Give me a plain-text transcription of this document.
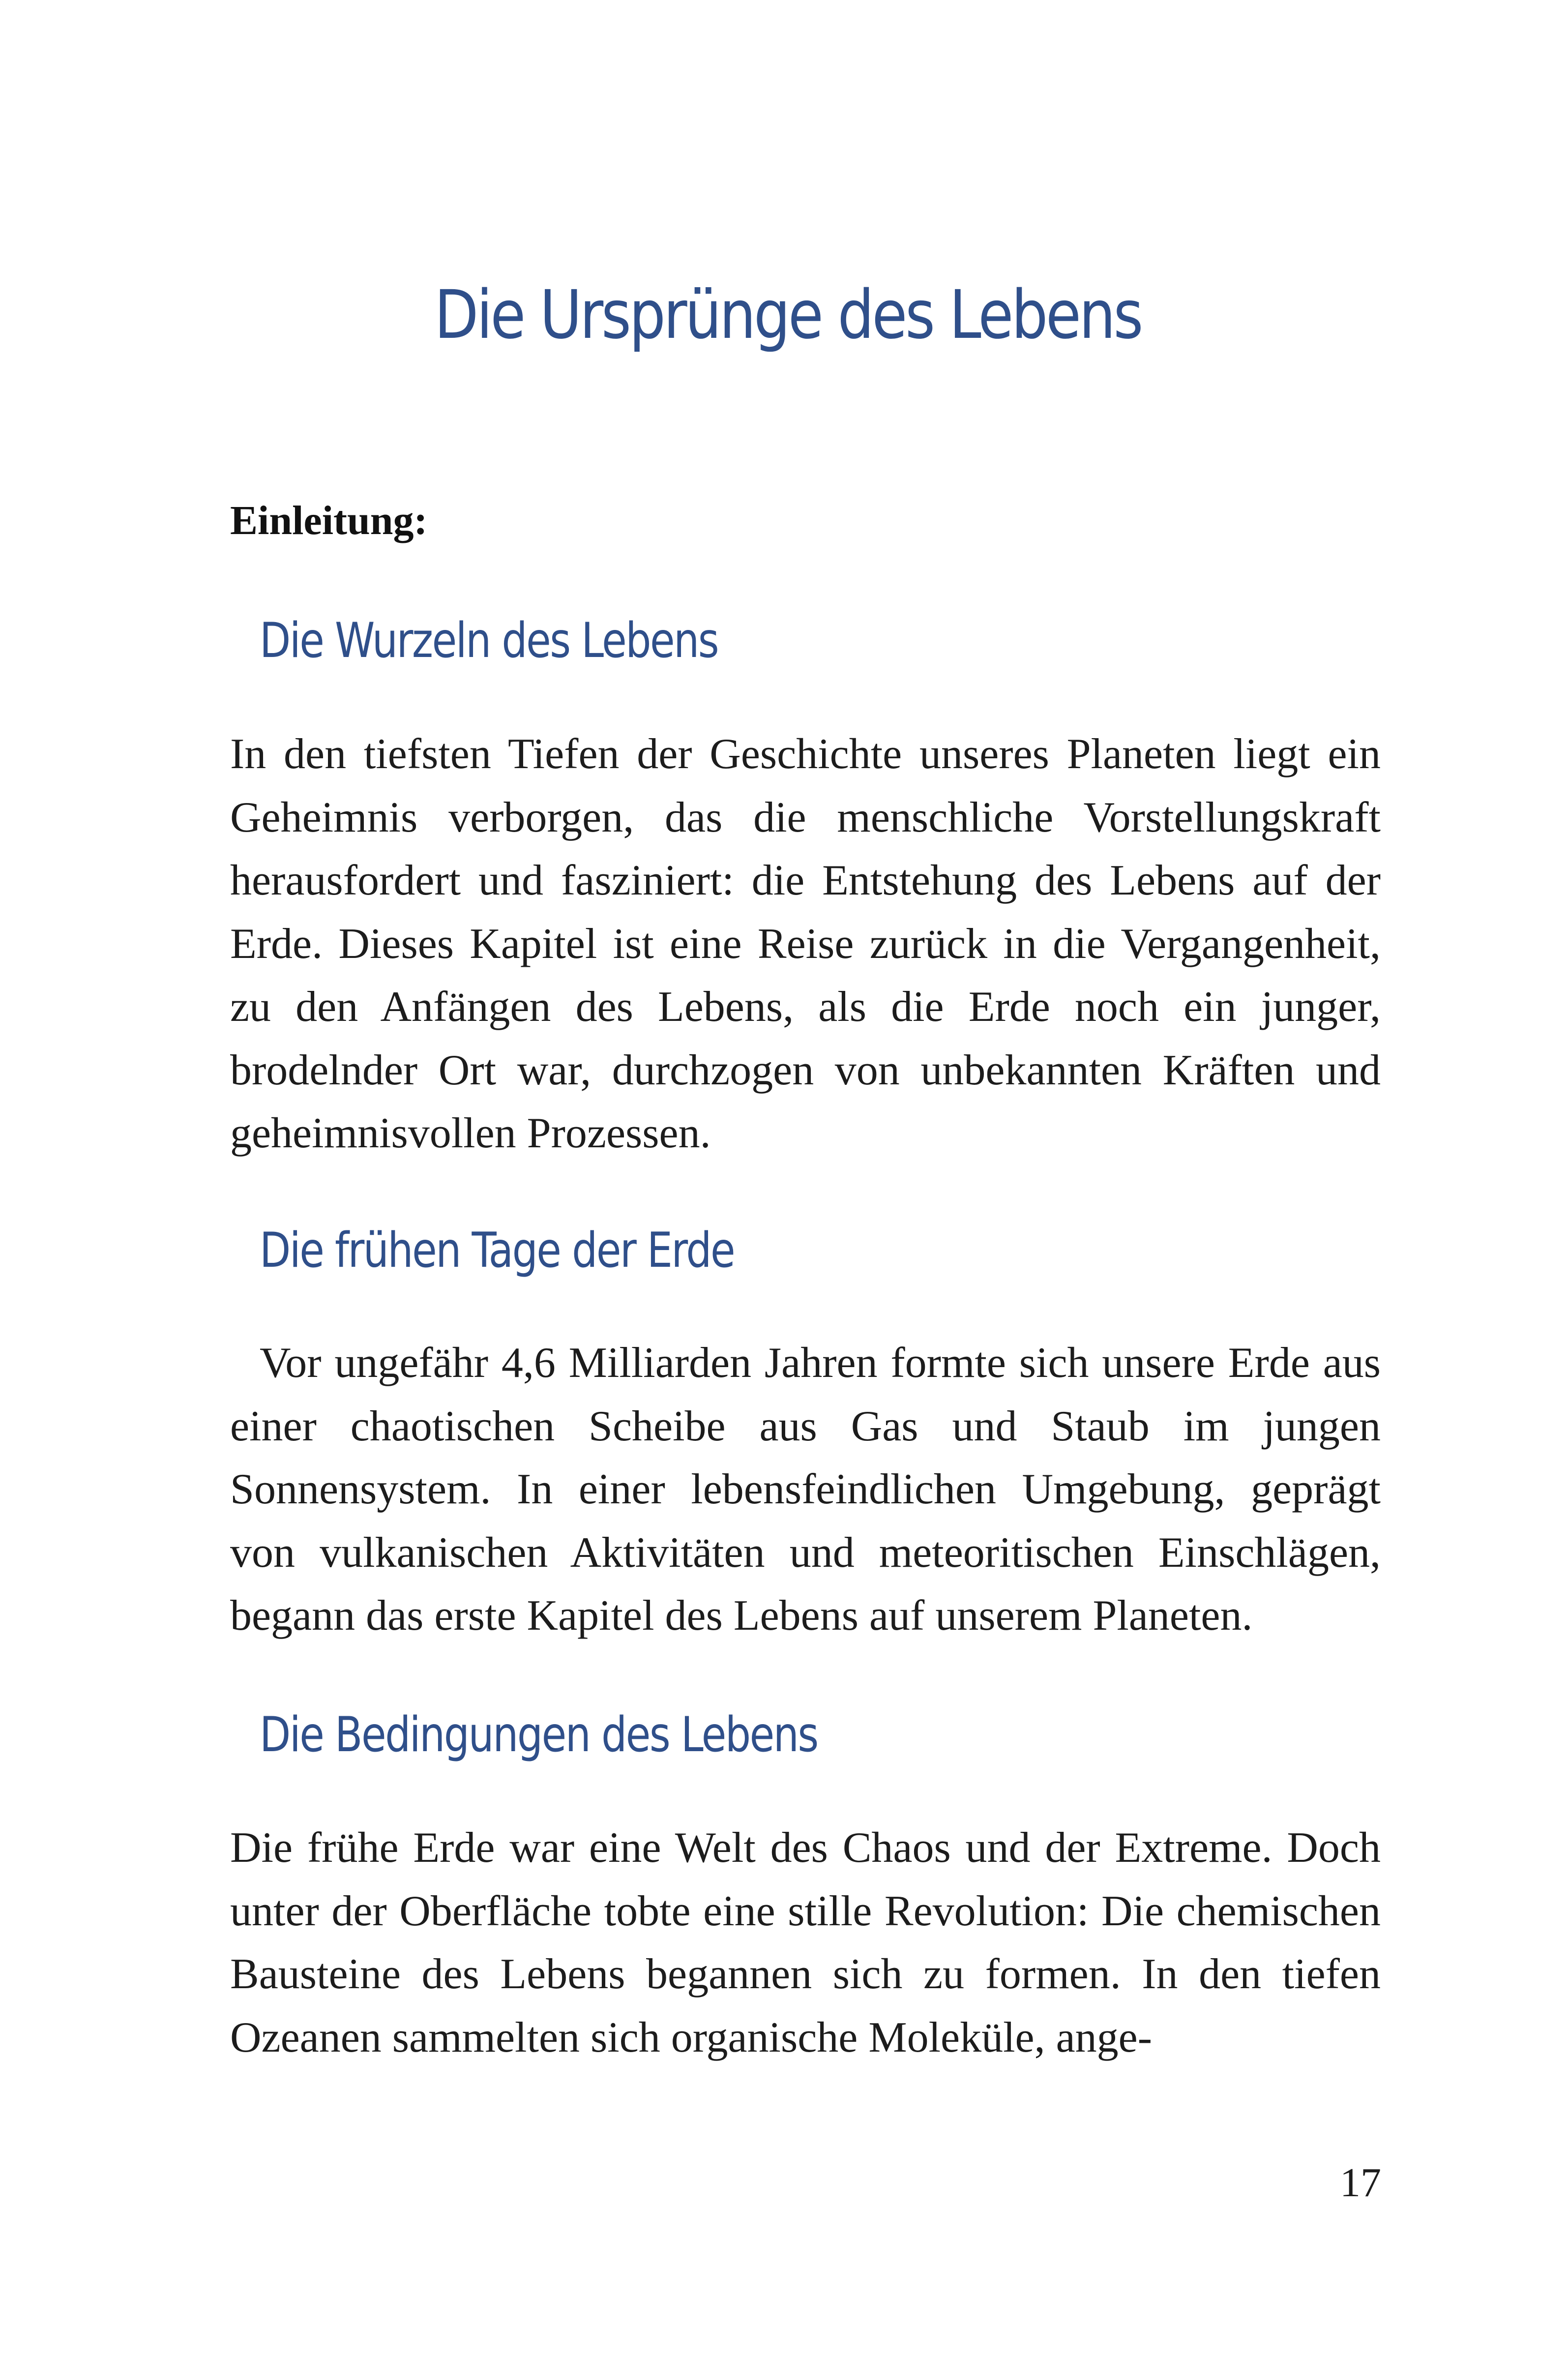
Die Ursprünge des Lebens

Einleitung:

Die Wurzeln des Lebens

In den tiefsten Tiefen der Geschichte unseres Planeten liegt ein Geheimnis verborgen, das die menschliche Vorstellungskraft herausfordert und fasziniert: die Entstehung des Lebens auf der Erde. Dieses Kapitel ist eine Reise zurück in die Vergangenheit, zu den Anfängen des Lebens, als die Erde noch ein junger, brodelnder Ort war, durchzogen von unbekannten Kräften und geheimnisvollen Prozessen.

Die frühen Tage der Erde

Vor ungefähr 4,6 Milliarden Jahren formte sich unsere Erde aus einer chaotischen Scheibe aus Gas und Staub im jungen Sonnensystem. In einer lebensfeindlichen Umgebung, geprägt von vulkanischen Aktivitäten und meteoritischen Einschlägen, begann das erste Kapitel des Lebens auf unserem Planeten.

Die Bedingungen des Lebens

Die frühe Erde war eine Welt des Chaos und der Extreme. Doch unter der Oberfläche tobte eine stille Revolution: Die chemischen Bausteine des Lebens begannen sich zu formen. In den tiefen Ozeanen sammelten sich organische Moleküle, ange-

17
